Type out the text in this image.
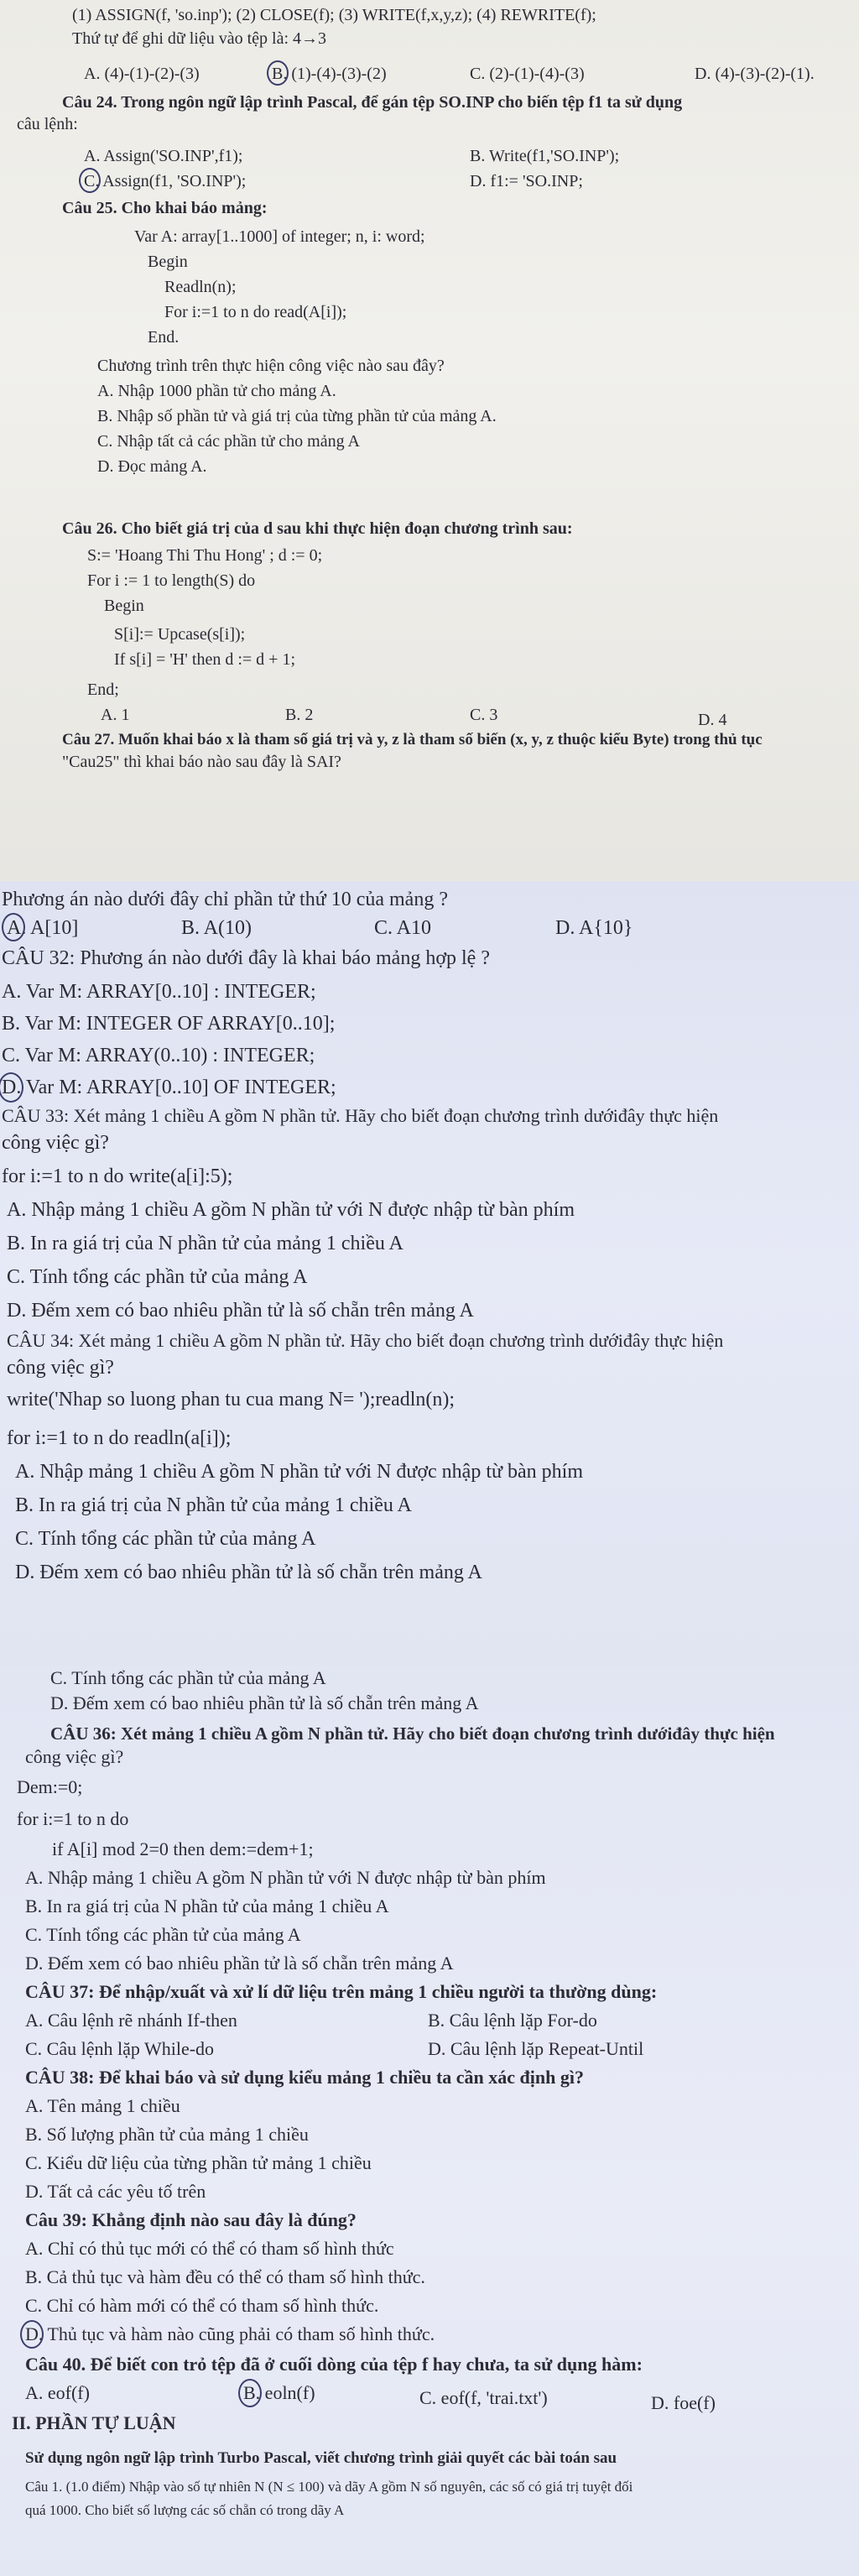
(1) ASSIGN(f, 'so.inp'); (2) CLOSE(f); (3) WRITE(f,x,y,z); (4) REWRITE(f);
Thứ tự để ghi dữ liệu vào tệp là: 4→3
A. (4)-(1)-(2)-(3)	B. (1)-(4)-(3)-(2)	C. (2)-(1)-(4)-(3)	D. (4)-(3)-(2)-(1).
Câu 24. Trong ngôn ngữ lập trình Pascal, để gán tệp SO.INP cho biến tệp f1 ta sử dụng
câu lệnh:
A. Assign('SO.INP',f1);	B. Write(f1,'SO.INP');
C. Assign(f1, 'SO.INP');	D. f1:= 'SO.INP;
Câu 25. Cho khai báo mảng:
Var A: array[1..1000] of integer; n, i: word;
Begin
Readln(n);
For i:=1 to n do read(A[i]);
End.
Chương trình trên thực hiện công việc nào sau đây?
A. Nhập 1000 phần tử cho mảng A.
B. Nhập số phần tử và giá trị của từng phần tử của mảng A.
C. Nhập tất cả các phần tử cho mảng A
D. Đọc mảng A.
Câu 26. Cho biết giá trị của d sau khi thực hiện đoạn chương trình sau:
S:= 'Hoang Thi Thu Hong' ; d := 0;
For i := 1 to length(S) do
Begin
S[i]:= Upcase(s[i]);
If s[i] = 'H' then d := d + 1;
End;
A. 1	B. 2	C. 3	D. 4
Câu 27. Muốn khai báo x là tham số giá trị và y, z là tham số biến (x, y, z thuộc kiểu Byte) trong thủ tục
"Cau25" thì khai báo nào sau đây là SAI?
Phương án nào dưới đây chỉ phần tử thứ 10 của mảng ?
A. A[10]	B. A(10)	C. A10	D. A{10}
CÂU 32: Phương án nào dưới đây là khai báo mảng hợp lệ ?
A. Var M: ARRAY[0..10] : INTEGER;
B. Var M: INTEGER OF ARRAY[0..10];
C. Var M: ARRAY(0..10) : INTEGER;
D. Var M: ARRAY[0..10] OF INTEGER;
CÂU 33: Xét mảng 1 chiều A gồm N phần tử. Hãy cho biết đoạn chương trình dướiđây thực hiện
công việc gì?
for i:=1 to n do write(a[i]:5);
A. Nhập mảng 1 chiều A gồm N phần tử với N được nhập từ bàn phím
B. In ra giá trị của N phần tử của mảng 1 chiều A
C. Tính tổng các phần tử của mảng A
D. Đếm xem có bao nhiêu phần tử là số chẵn trên mảng A
CÂU 34: Xét mảng 1 chiều A gồm N phần tử. Hãy cho biết đoạn chương trình dướiđây thực hiện
công việc gì?
write('Nhap so luong phan tu cua mang N= ');readln(n);
for i:=1 to n do readln(a[i]);
A. Nhập mảng 1 chiều A gồm N phần tử với N được nhập từ bàn phím
B. In ra giá trị của N phần tử của mảng 1 chiều A
C. Tính tổng các phần tử của mảng A
D. Đếm xem có bao nhiêu phần tử là số chẵn trên mảng A
C. Tính tổng các phần tử của mảng A
D. Đếm xem có bao nhiêu phần tử là số chẵn trên mảng A
CÂU 36: Xét mảng 1 chiều A gồm N phần tử. Hãy cho biết đoạn chương trình dướiđây thực hiện
công việc gì?
Dem:=0;
for i:=1 to n do
if A[i] mod 2=0 then dem:=dem+1;
A. Nhập mảng 1 chiều A gồm N phần tử với N được nhập từ bàn phím
B. In ra giá trị của N phần tử của mảng 1 chiều A
C. Tính tổng các phần tử của mảng A
D. Đếm xem có bao nhiêu phần tử là số chẵn trên mảng A
CÂU 37: Để nhập/xuất và xử lí dữ liệu trên mảng 1 chiều người ta thường dùng:
A. Câu lệnh rẽ nhánh If-then	B. Câu lệnh lặp For-do
C. Câu lệnh lặp While-do	D. Câu lệnh lặp Repeat-Until
CÂU 38: Để khai báo và sử dụng kiểu mảng 1 chiều ta cần xác định gì?
A. Tên mảng 1 chiều
B. Số lượng phần tử của mảng 1 chiều
C. Kiểu dữ liệu của từng phần tử mảng 1 chiều
D. Tất cả các yêu tố trên
Câu 39: Khẳng định nào sau đây là đúng?
A. Chỉ có thủ tục mới có thể có tham số hình thức
B. Cả thủ tục và hàm đều có thể có tham số hình thức.
C. Chỉ có hàm mới có thể có tham số hình thức.
D. Thủ tục và hàm nào cũng phải có tham số hình thức.
Câu 40. Để biết con trỏ tệp đã ở cuối dòng của tệp f hay chưa, ta sử dụng hàm:
A. eof(f)	B. eoln(f)	C. eof(f, 'trai.txt')	D. foe(f)
II. PHẦN TỰ LUẬN
Sử dụng ngôn ngữ lập trình Turbo Pascal, viết chương trình giải quyết các bài toán sau
Câu 1. (1.0 điểm) Nhập vào số tự nhiên N (N ≤ 100) và dãy A gồm N số nguyên, các số có giá trị tuyệt đối
quá 1000. Cho biết số lượng các số chẵn có trong dãy A
